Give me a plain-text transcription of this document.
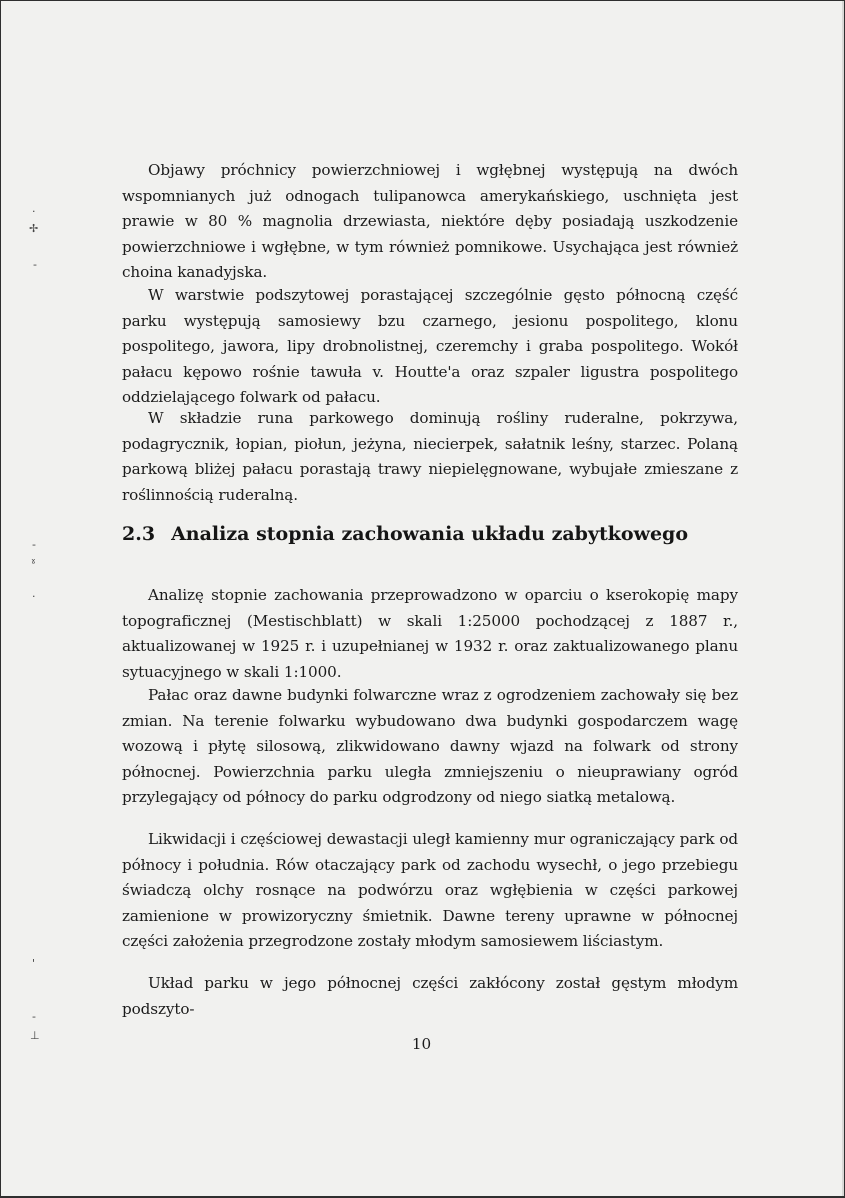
Objawy próchnicy powierzchniowej i wgłębnej występują na dwóch wspomnianych już odnogach tulipanowca amerykańskiego, uschnięta jest prawie w 80 % magnolia drzewiasta, niektóre dęby posiadają uszkodzenie powierzchniowe i wgłębne, w tym również pomnikowe. Usychająca jest również choina kanadyjska.

W warstwie podszytowej porastającej szczególnie gęsto północną część parku występują samosiewy bzu czarnego, jesionu pospolitego, klonu pospolitego, jawora, lipy drobnolistnej, czeremchy i graba pospolitego. Wokół pałacu kępowo rośnie tawuła v. Houtte'a oraz szpaler ligustra pospolitego oddzielającego folwark od pałacu.

W składzie runa parkowego dominują rośliny ruderalne, pokrzywa, podagrycznik, łopian, piołun, jeżyna, niecierpek, sałatnik leśny, starzec. Polaną parkową bliżej pałacu porastają trawy niepielęgnowane, wybujałe zmieszane z roślinnością ruderalną.

2.3 Analiza stopnia zachowania układu zabytkowego

Analizę stopnie zachowania przeprowadzono w oparciu o kserokopię mapy topograficznej (Mestischblatt) w skali 1:25000 pochodzącej z 1887 r., aktualizowanej w 1925 r. i uzupełnianej w 1932 r. oraz zaktualizowanego planu sytuacyjnego w skali 1:1000.

Pałac oraz dawne budynki folwarczne wraz z ogrodzeniem zachowały się bez zmian. Na terenie folwarku wybudowano dwa budynki gospodarczem wagę wozową i płytę silosową, zlikwidowano dawny wjazd na folwark od strony północnej. Powierzchnia parku uległa zmniejszeniu o nieuprawiany ogród przylegający od północy do parku odgrodzony od niego siatką metalową.

Likwidacji i częściowej dewastacji uległ kamienny mur ograniczający park od północy i południa. Rów otaczający park od zachodu wysechł, o jego przebiegu świadczą olchy rosnące na podwórzu oraz wgłębienia w części parkowej zamienione w prowizoryczny śmietnik. Dawne tereny uprawne w północnej części założenia przegrodzone zostały młodym samosiewem liściastym.

Układ parku w jego północnej części zakłócony został gęstym młodym podszyto-

10
·
✢
-
-
ˠ
·
'
-
⊥
